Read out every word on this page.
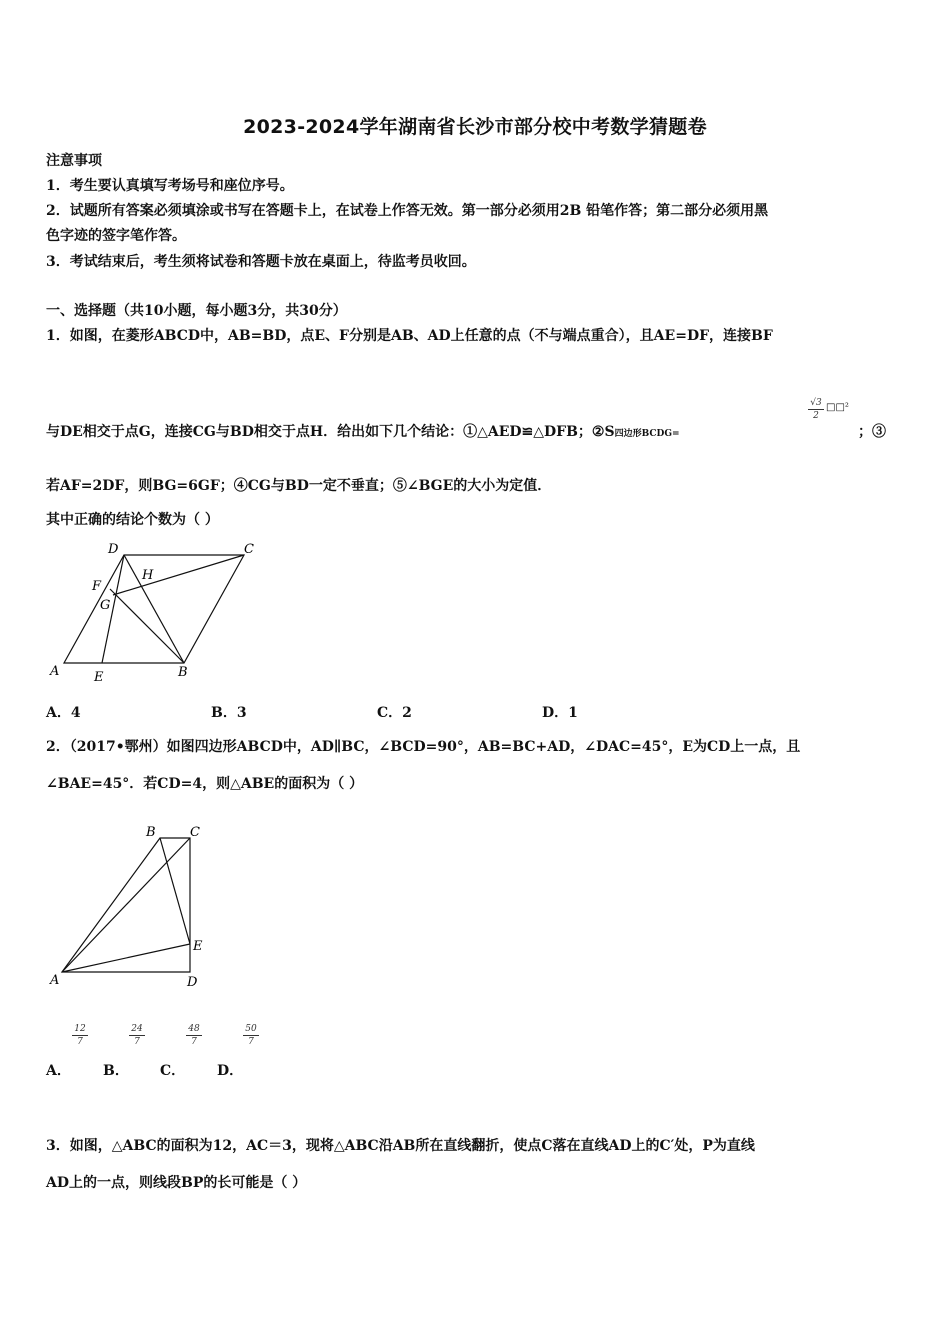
2023-2024学年湖南省长沙市部分校中考数学猜题卷
注意事项
1．考生要认真填写考场号和座位序号。
2．试题所有答案必须填涂或书写在答题卡上，在试卷上作答无效。第一部分必须用2B 铅笔作答；第二部分必须用黑
色字迹的签字笔作答。
3．考试结束后，考生须将试卷和答题卡放在桌面上，待监考员收回。
一、选择题（共10小题，每小题3分，共30分）
1．如图，在菱形ABCD中，AB=BD，点E、F分别是AB、AD上任意的点（不与端点重合），且AE=DF，连接BF
与DE相交于点G，连接CG与BD相交于点H．给出如下几个结论：①△AED≌△DFB；②S四边形BCDG=
√3
2
□□²
；③
若AF=2DF，则BG=6GF；④CG与BD一定不垂直；⑤∠BGE的大小为定值．
其中正确的结论个数为（ ）
D	C
F
H
G
A	E	B
A．4	B．3	C．2	D．1
2．（2017•鄂州）如图四边形ABCD中，AD∥BC，∠BCD=90°，AB=BC+AD，∠DAC=45°，E为CD上一点，且
∠BAE=45°．若CD=4，则△ABE的面积为（ ）
B	C
E
A	D
12
7
24
7
48
7
50
7
A． B． C． D．
3．如图，△ABC的面积为12，AC＝3，现将△ABC沿AB所在直线翻折，使点C落在直线AD上的C′处，P为直线
AD上的一点，则线段BP的长可能是（ ）
